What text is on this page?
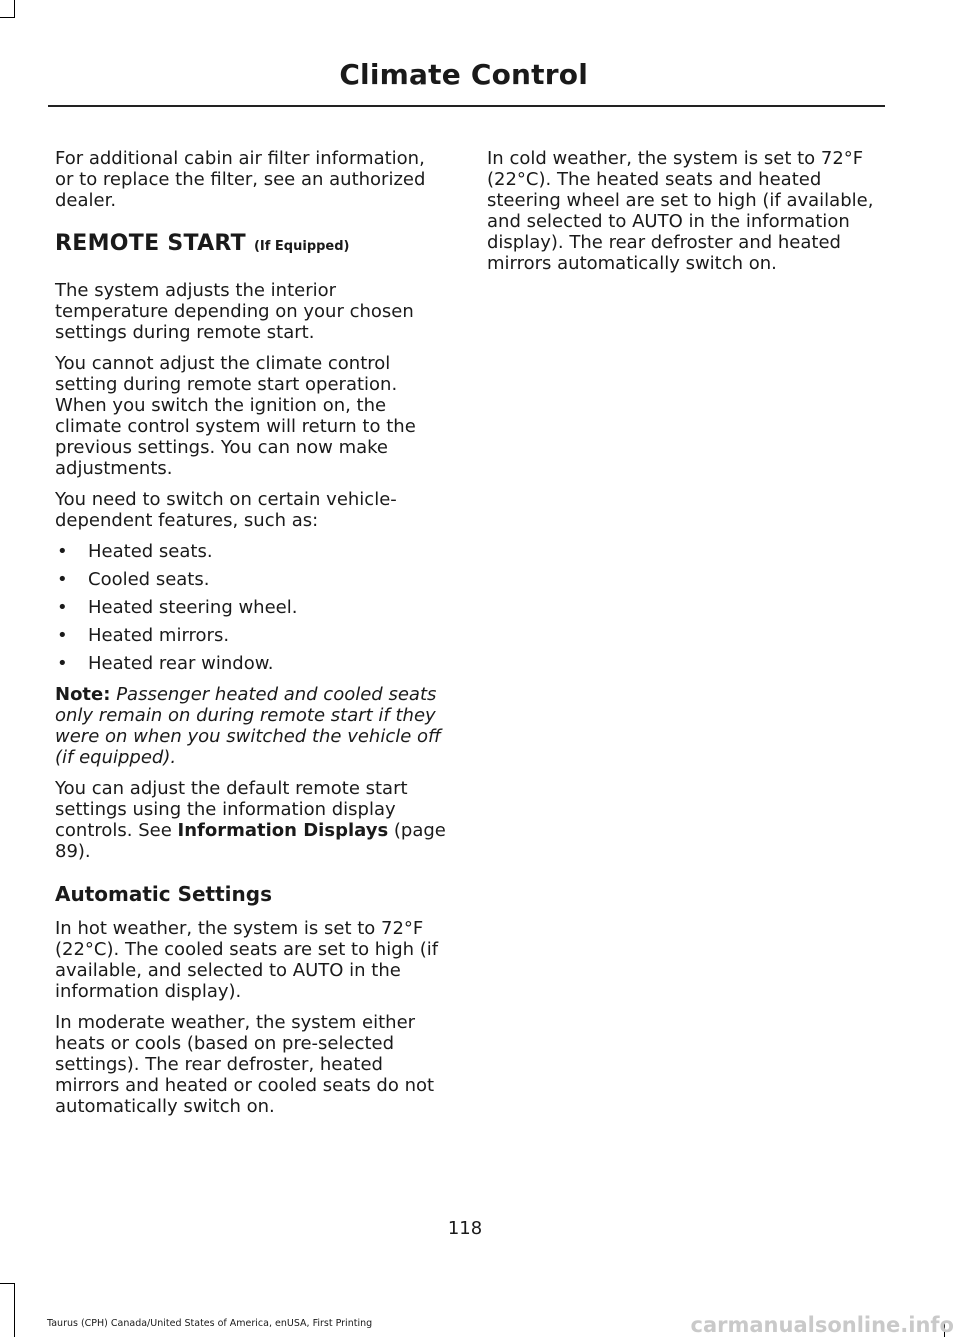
Climate Control

For additional cabin air filter information, or to replace the filter, see an authorized dealer.

REMOTE START (If Equipped)

The system adjusts the interior temperature depending on your chosen settings during remote start.

You cannot adjust the climate control setting during remote start operation. When you switch the ignition on, the climate control system will return to the previous settings. You can now make adjustments.

You need to switch on certain vehicle-dependent features, such as:

• Heated seats.
• Cooled seats.
• Heated steering wheel.
• Heated mirrors.
• Heated rear window.

Note: Passenger heated and cooled seats only remain on during remote start if they were on when you switched the vehicle off (if equipped).

You can adjust the default remote start settings using the information display controls. See Information Displays (page 89).

Automatic Settings

In hot weather, the system is set to 72°F (22°C). The cooled seats are set to high (if available, and selected to AUTO in the information display).

In moderate weather, the system either heats or cools (based on pre-selected settings). The rear defroster, heated mirrors and heated or cooled seats do not automatically switch on.

In cold weather, the system is set to 72°F (22°C). The heated seats and heated steering wheel are set to high (if available, and selected to AUTO in the information display). The rear defroster and heated mirrors automatically switch on.

118
Taurus (CPH) Canada/United States of America, enUSA, First Printing	carmanualsonline.info
